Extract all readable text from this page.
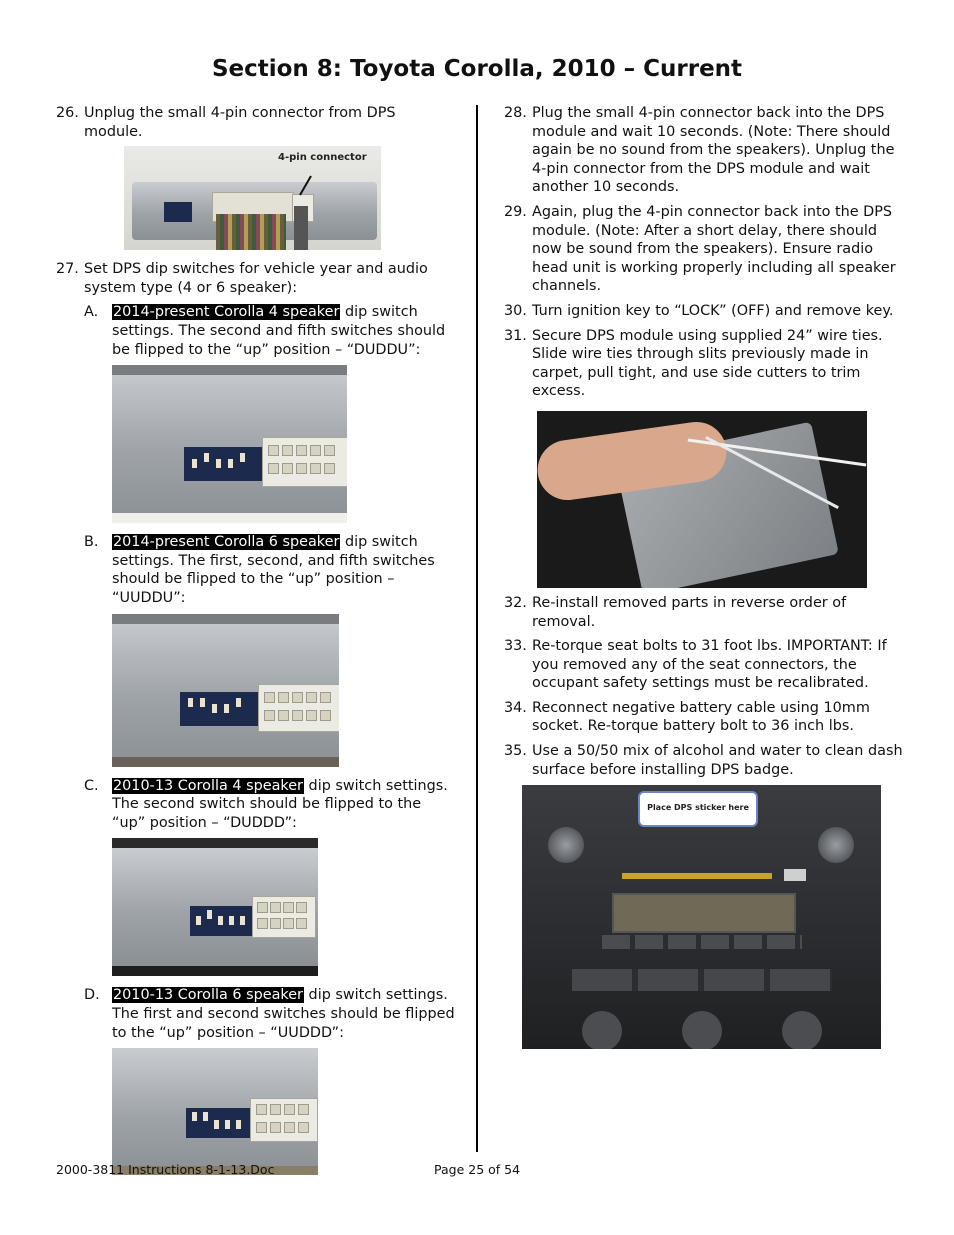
Section 8: Toyota Corolla, 2010 – Current
26. Unplug the small 4-pin connector from DPS module.
4-pin connector
27. Set DPS dip switches for vehicle year and audio system type (4 or 6 speaker):
A. 2014-present Corolla 4 speaker dip switch settings. The second and fifth switches should be flipped to the “up” position – “DUDDU”:
B. 2014-present Corolla 6 speaker dip switch settings. The first, second, and fifth switches should be flipped to the “up” position – “UUDDU”:
C. 2010-13 Corolla 4 speaker dip switch settings. The second switch should be flipped to the “up” position – “DUDDD”:
D. 2010-13 Corolla 6 speaker dip switch settings. The first and second switches should be flipped to the “up” position – “UUDDD”:
28. Plug the small 4-pin connector back into the DPS module and wait 10 seconds. (Note: There should again be no sound from the speakers). Unplug the 4-pin connector from the DPS module and wait another 10 seconds.
29. Again, plug the 4-pin connector back into the DPS module. (Note: After a short delay, there should now be sound from the speakers). Ensure radio head unit is working properly including all speaker channels.
30. Turn ignition key to “LOCK” (OFF) and remove key.
31. Secure DPS module using supplied 24” wire ties. Slide wire ties through slits previously made in carpet, pull tight, and use side cutters to trim excess.
32. Re-install removed parts in reverse order of removal.
33. Re-torque seat bolts to 31 foot lbs. IMPORTANT: If you removed any of the seat connectors, the occupant safety settings must be recalibrated.
34. Reconnect negative battery cable using 10mm socket. Re-torque battery bolt to 36 inch lbs.
35. Use a 50/50 mix of alcohol and water to clean dash surface before installing DPS badge.
Place DPS sticker here
2000-3811 Instructions 8-1-13.Doc	Page 25 of 54
